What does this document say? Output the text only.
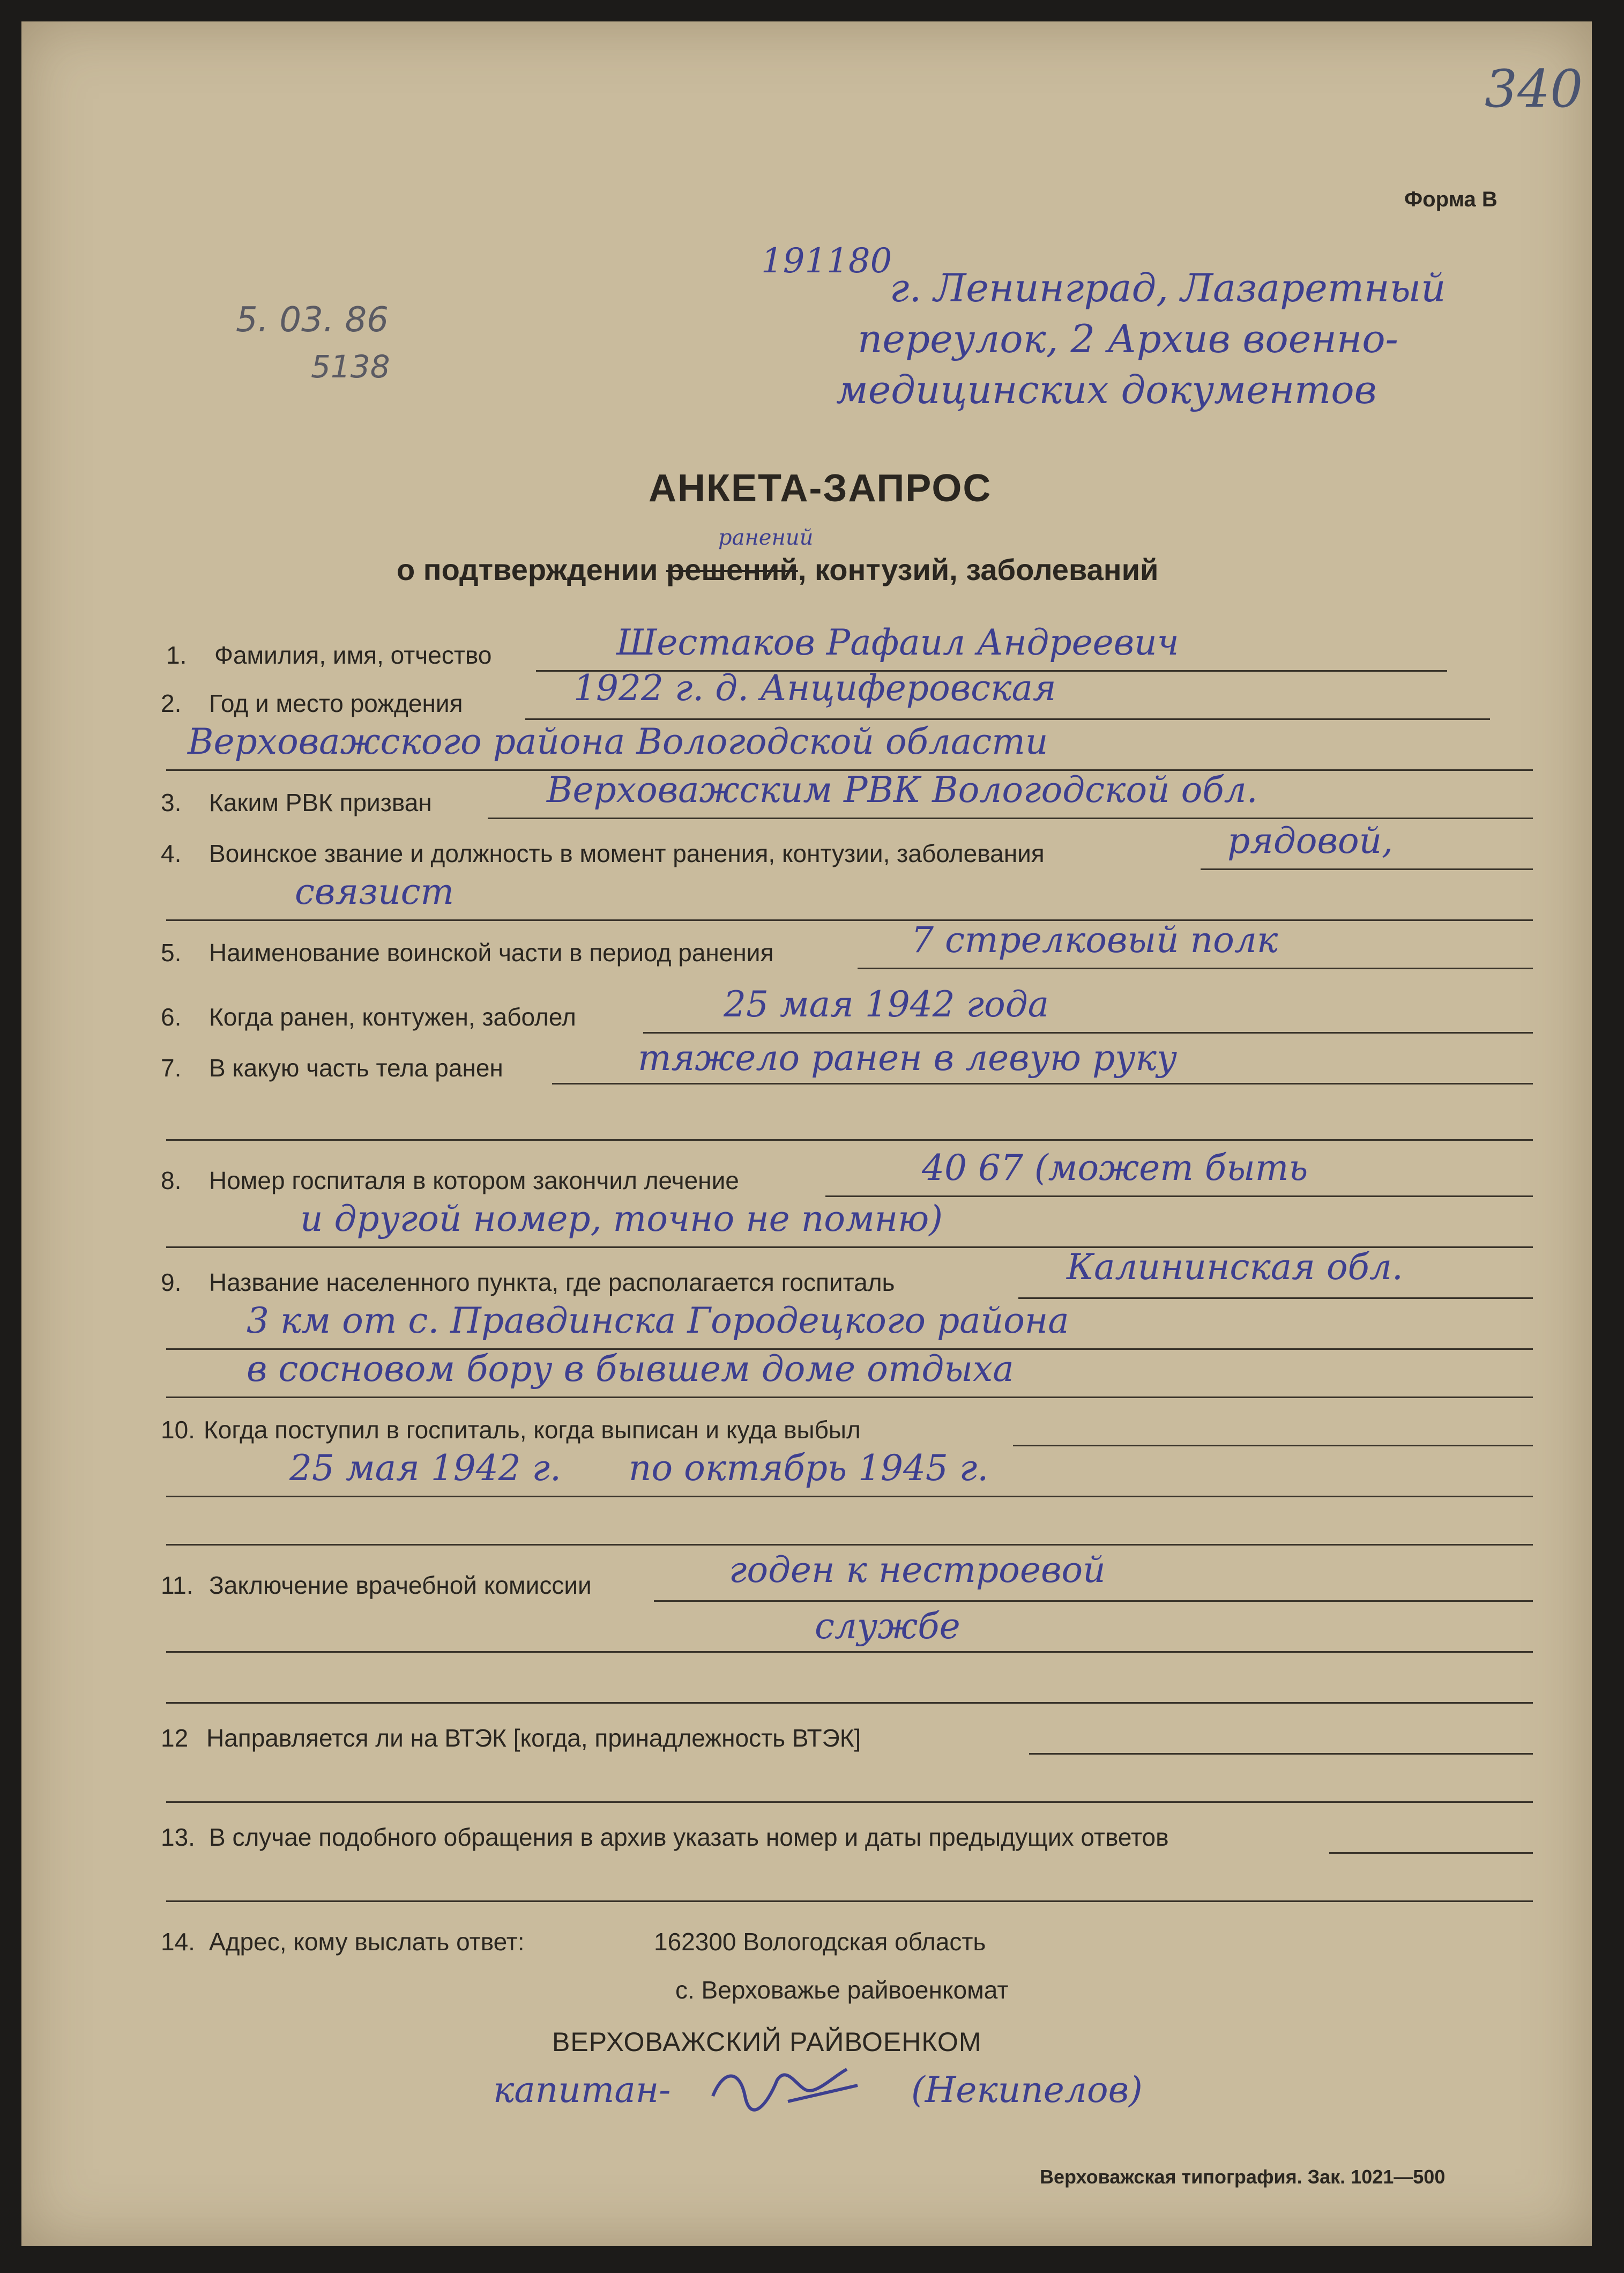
340
Форма В
5. 03. 86
5138
191180
г. Ленинград, Лазаретный
переулок, 2 Архив военно-
медицинских документов
АНКЕТА-ЗАПРОС
ранений
о подтверждении решений, контузий, заболеваний
1. Фамилия, имя, отчество	Шестаков Рафаил Андреевич
2. Год и место рождения	1922 г. д. Анциферовская
Верховажского района Вологодской области
3. Каким РВК призван	Верховажским РВК Вологодской обл.
4. Воинское звание и должность в момент ранения, контузии, заболевания	рядовой,
связист
5. Наименование воинской части в период ранения	7 стрелковый полк
6. Когда ранен, контужен, заболел	25 мая 1942 года
7. В какую часть тела ранен	тяжело ранен в левую руку
8. Номер госпиталя в котором закончил лечение	40 67 (может быть
и другой номер, точно не помню)
9. Название населенного пункта, где располагается госпиталь	Калининская обл.
3 км от с. Правдинска Городецкого района
в сосновом бору в бывшем доме отдыха
10. Когда поступил в госпиталь, когда выписан и куда выбыл
25 мая 1942 г.      по октябрь 1945 г.
11. Заключение врачебной комиссии	годен к нестроевой
службе
12 Направляется ли на ВТЭК [когда, принадлежность ВТЭК]
13. В случае подобного обращения в архив указать номер и даты предыдущих ответов
14. Адрес, кому выслать ответ:	162300 Вологодская область
с. Верховажье райвоенкомат
ВЕРХОВАЖСКИЙ РАЙВОЕНКОМ
капитан-	(Некипелов)
Верховажская типография. Зак. 1021—500
